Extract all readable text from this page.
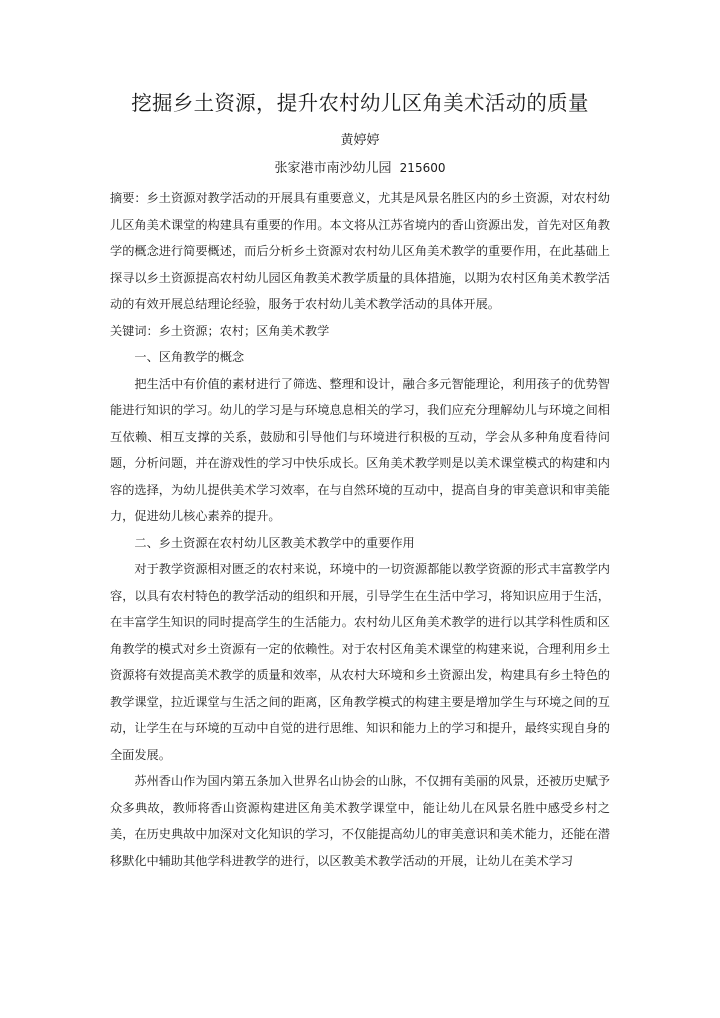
挖掘乡土资源，提升农村幼儿区角美术活动的质量
黄婷婷
张家港市南沙幼儿园 215600

摘要：乡土资源对教学活动的开展具有重要意义，尤其是风景名胜区内的乡土资源，对农村幼儿区角美术课堂的构建具有重要的作用。本文将从江苏省境内的香山资源出发，首先对区角教学的概念进行简要概述，而后分析乡土资源对农村幼儿区角美术教学的重要作用，在此基础上探寻以乡土资源提高农村幼儿园区角教美术教学质量的具体措施，以期为农村区角美术教学活动的有效开展总结理论经验，服务于农村幼儿美术教学活动的具体开展。

关键词：乡土资源；农村；区角美术教学

一、区角教学的概念

把生活中有价值的素材进行了筛选、整理和设计，融合多元智能理论，利用孩子的优势智能进行知识的学习。幼儿的学习是与环境息息相关的学习，我们应充分理解幼儿与环境之间相互依赖、相互支撑的关系，鼓励和引导他们与环境进行积极的互动，学会从多种角度看待问题，分析问题，并在游戏性的学习中快乐成长。区角美术教学则是以美术课堂模式的构建和内容的选择，为幼儿提供美术学习效率，在与自然环境的互动中，提高自身的审美意识和审美能力，促进幼儿核心素养的提升。

二、乡土资源在农村幼儿区教美术教学中的重要作用

对于教学资源相对匮乏的农村来说，环境中的一切资源都能以教学资源的形式丰富教学内容，以具有农村特色的教学活动的组织和开展，引导学生在生活中学习，将知识应用于生活，在丰富学生知识的同时提高学生的生活能力。农村幼儿区角美术教学的进行以其学科性质和区角教学的模式对乡土资源有一定的依赖性。对于农村区角美术课堂的构建来说，合理利用乡土资源将有效提高美术教学的质量和效率，从农村大环境和乡土资源出发，构建具有乡土特色的教学课堂，拉近课堂与生活之间的距离，区角教学模式的构建主要是增加学生与环境之间的互动，让学生在与环境的互动中自觉的进行思维、知识和能力上的学习和提升，最终实现自身的全面发展。

苏州香山作为国内第五条加入世界名山协会的山脉，不仅拥有美丽的风景，还被历史赋予众多典故，教师将香山资源构建进区角美术教学课堂中，能让幼儿在风景名胜中感受乡村之美，在历史典故中加深对文化知识的学习，不仅能提高幼儿的审美意识和美术能力，还能在潜移默化中辅助其他学科进教学的进行，以区教美术教学活动的开展，让幼儿在美术学习
